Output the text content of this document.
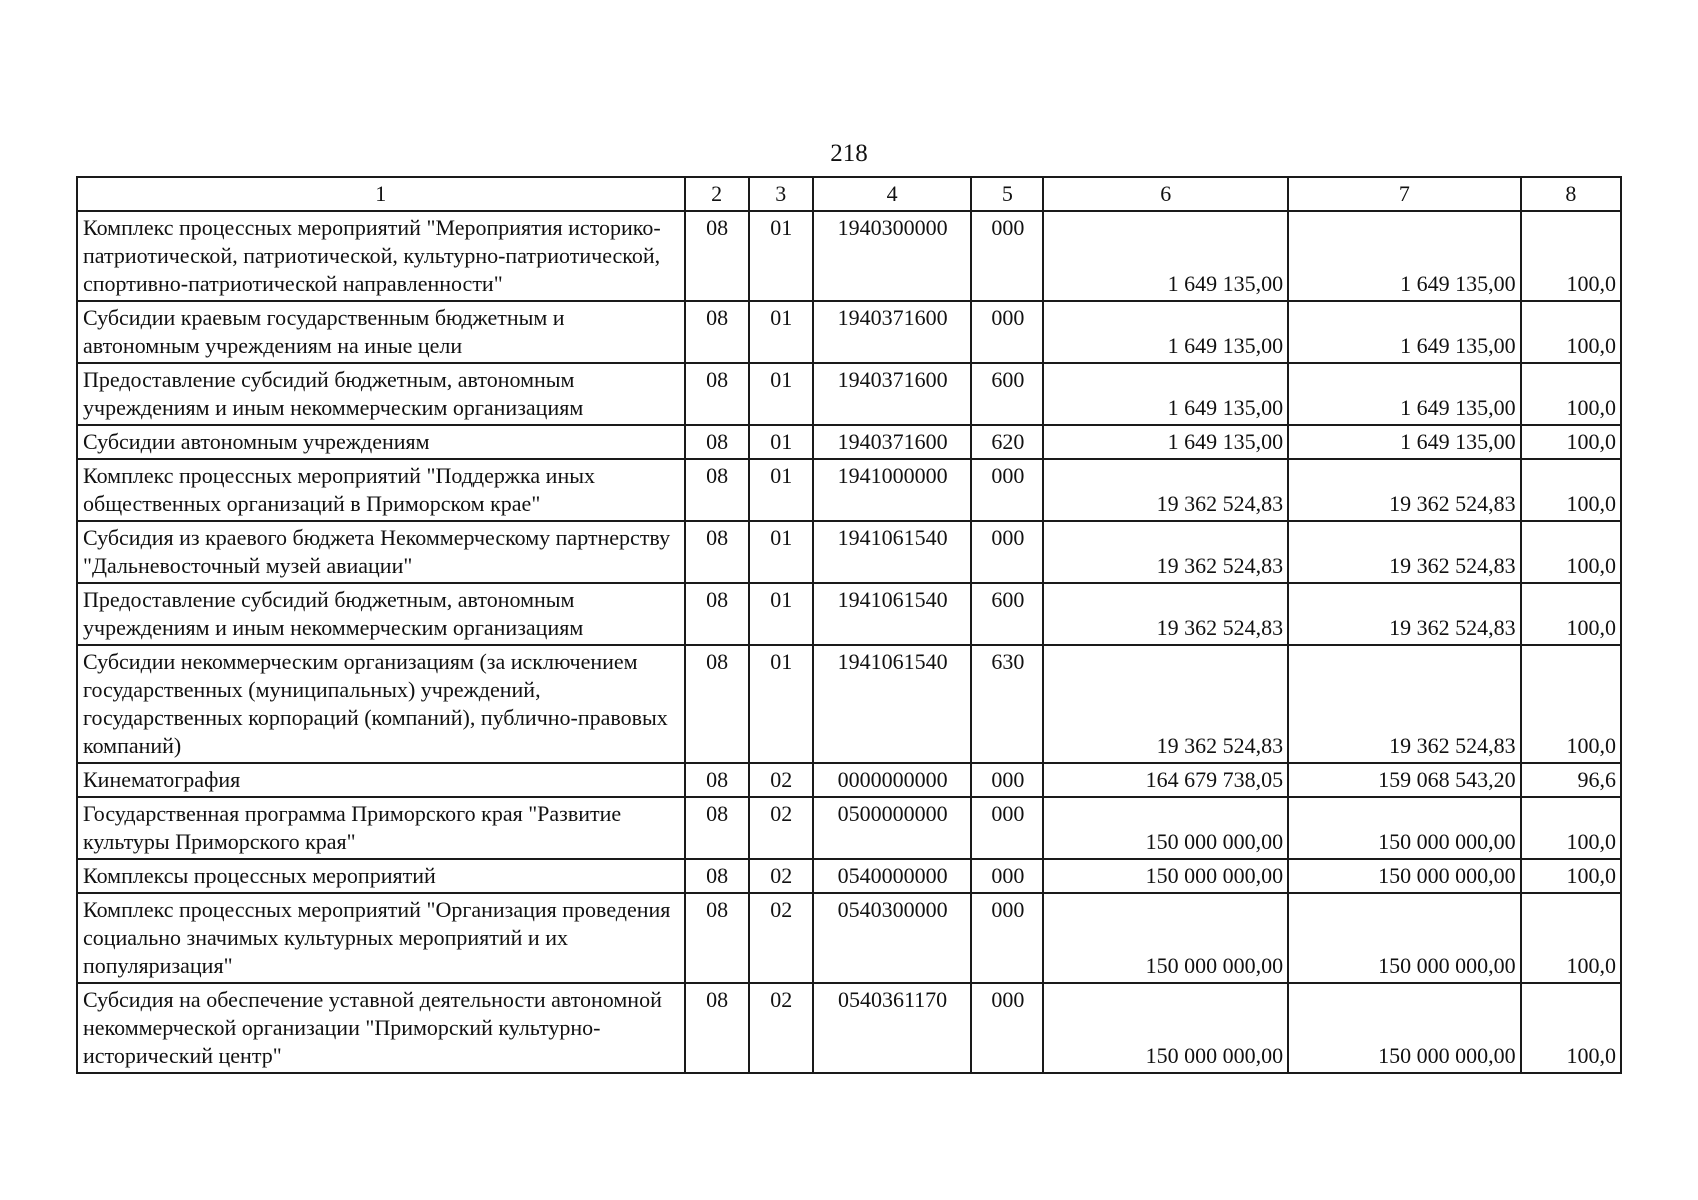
218
1	2	3	4	5	6	7	8
Комплекс процессных мероприятий "Мероприятия историко-патриотической, патриотической, культурно-патриотической, спортивно-патриотической направленности"	08	01	1940300000	000	1 649 135,00	1 649 135,00	100,0
Субсидии краевым государственным бюджетным и автономным учреждениям на иные цели	08	01	1940371600	000	1 649 135,00	1 649 135,00	100,0
Предоставление субсидий бюджетным, автономным учреждениям и иным некоммерческим организациям	08	01	1940371600	600	1 649 135,00	1 649 135,00	100,0
Субсидии автономным учреждениям	08	01	1940371600	620	1 649 135,00	1 649 135,00	100,0
Комплекс процессных мероприятий "Поддержка иных общественных организаций в Приморском крае"	08	01	1941000000	000	19 362 524,83	19 362 524,83	100,0
Субсидия из краевого бюджета Некоммерческому партнерству "Дальневосточный музей авиации"	08	01	1941061540	000	19 362 524,83	19 362 524,83	100,0
Предоставление субсидий бюджетным, автономным учреждениям и иным некоммерческим организациям	08	01	1941061540	600	19 362 524,83	19 362 524,83	100,0
Субсидии некоммерческим организациям (за исключением государственных (муниципальных) учреждений, государственных корпораций (компаний), публично-правовых компаний)	08	01	1941061540	630	19 362 524,83	19 362 524,83	100,0
Кинематография	08	02	0000000000	000	164 679 738,05	159 068 543,20	96,6
Государственная программа Приморского края "Развитие культуры Приморского края"	08	02	0500000000	000	150 000 000,00	150 000 000,00	100,0
Комплексы процессных мероприятий	08	02	0540000000	000	150 000 000,00	150 000 000,00	100,0
Комплекс процессных мероприятий "Организация проведения социально значимых культурных мероприятий и их популяризация"	08	02	0540300000	000	150 000 000,00	150 000 000,00	100,0
Субсидия на обеспечение уставной деятельности автономной некоммерческой организации "Приморский культурно-исторический центр"	08	02	0540361170	000	150 000 000,00	150 000 000,00	100,0
